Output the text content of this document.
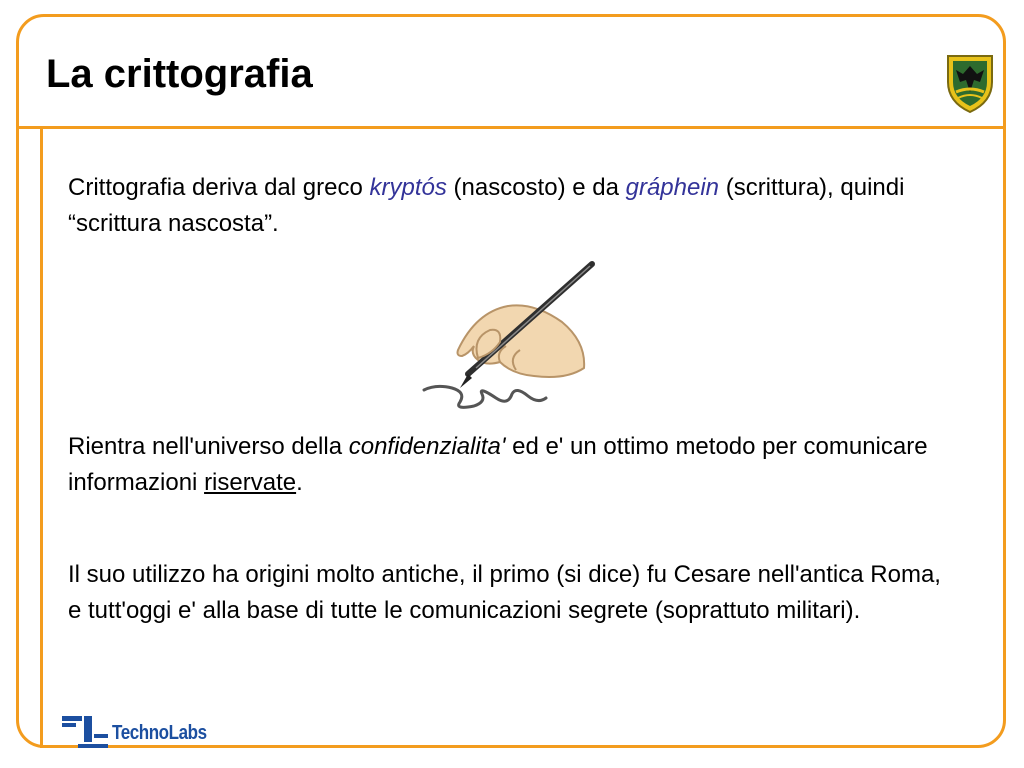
La crittografia
Crittografia deriva dal greco kryptós (nascosto) e da gráphein (scrittura), quindi “scrittura nascosta”.
Rientra nell'universo della confidenzialita' ed e' un ottimo metodo per comunicare informazioni riservate.
Il suo utilizzo ha origini molto antiche, il primo (si dice) fu Cesare nell'antica Roma, e tutt'oggi e' alla base di tutte le comunicazioni segrete (soprattuto militari).
TechnoLabs
